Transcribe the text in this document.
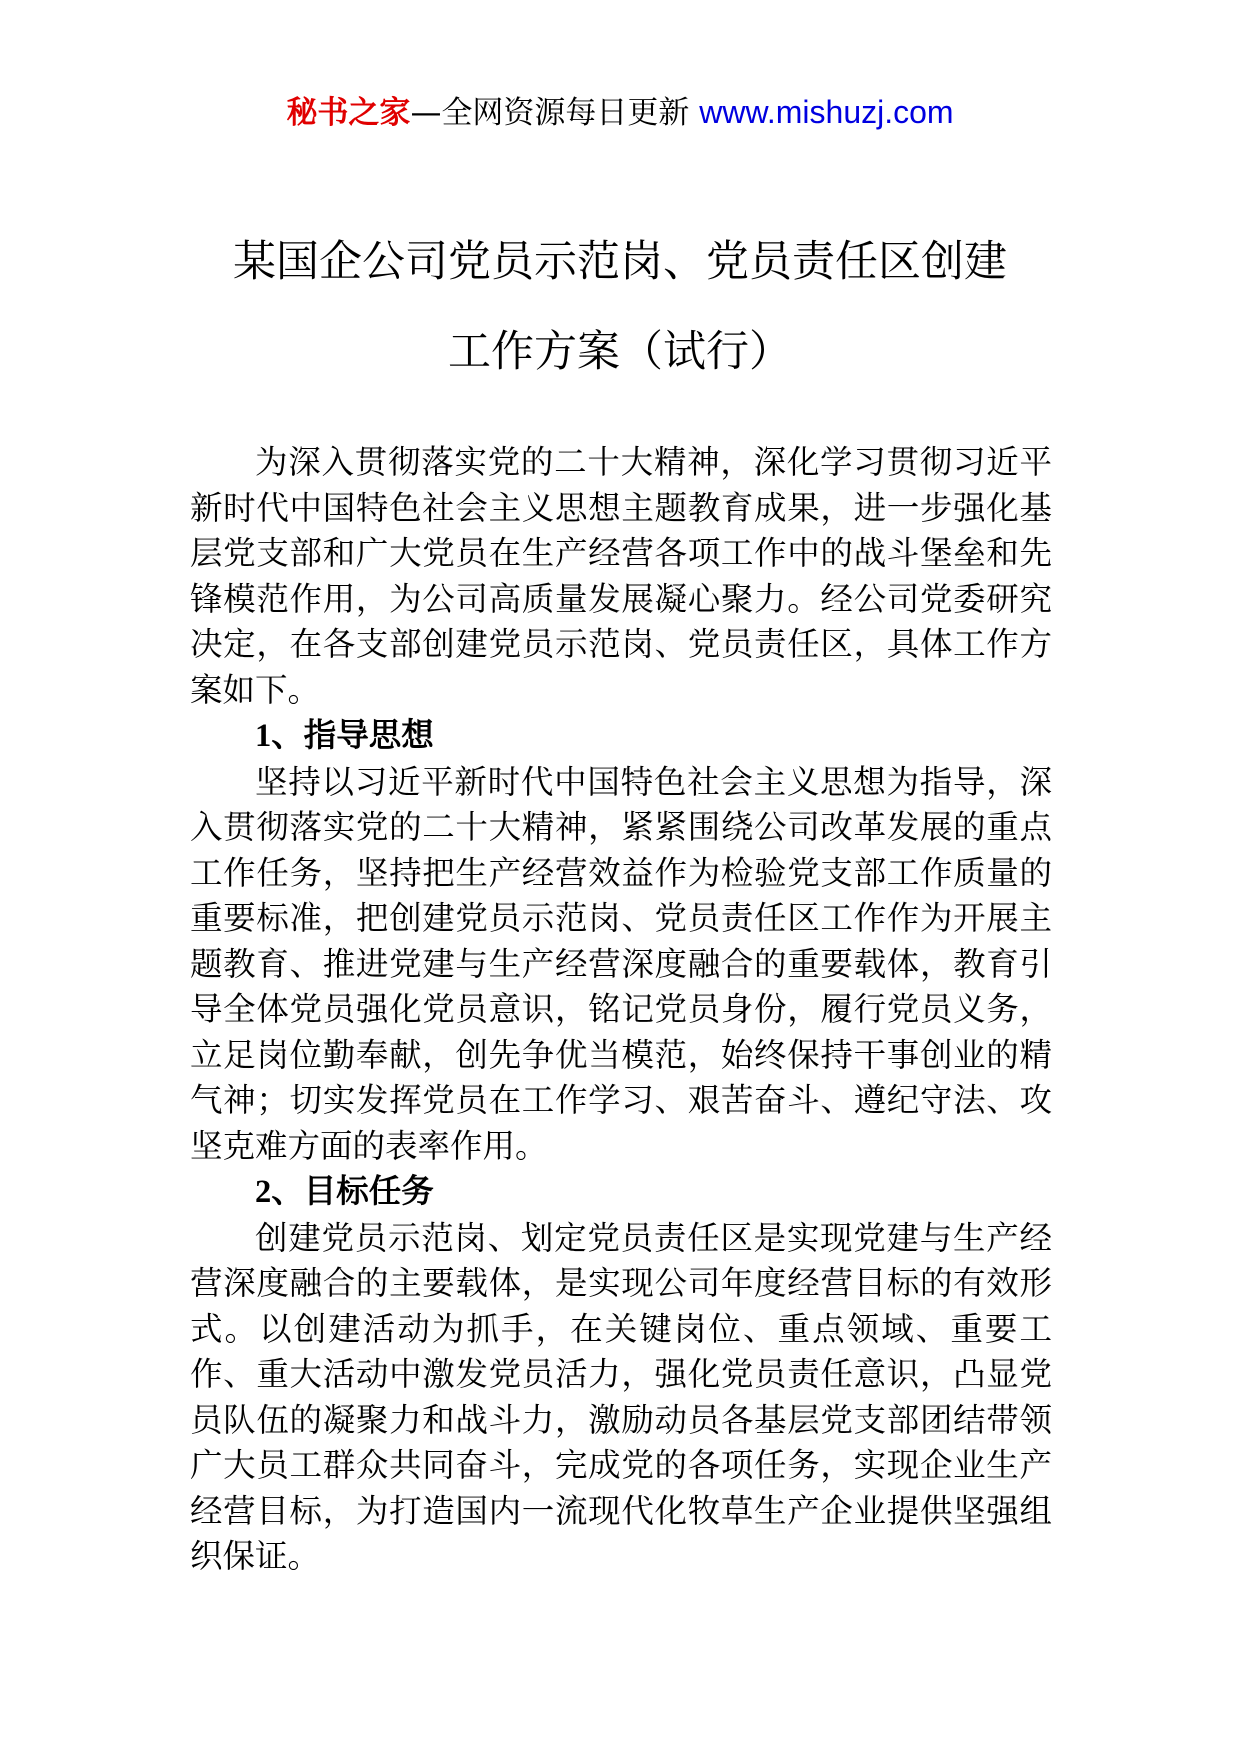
秘书之家—全网资源每日更新 www.mishuzj.com
某国企公司党员示范岗、党员责任区创建
工作方案（试行）

为深入贯彻落实党的二十大精神，深化学习贯彻习近平新时代中国特色社会主义思想主题教育成果，进一步强化基层党支部和广大党员在生产经营各项工作中的战斗堡垒和先锋模范作用，为公司高质量发展凝心聚力。经公司党委研究决定，在各支部创建党员示范岗、党员责任区，具体工作方案如下。

1、指导思想

坚持以习近平新时代中国特色社会主义思想为指导，深入贯彻落实党的二十大精神，紧紧围绕公司改革发展的重点工作任务，坚持把生产经营效益作为检验党支部工作质量的重要标准，把创建党员示范岗、党员责任区工作作为开展主题教育、推进党建与生产经营深度融合的重要载体，教育引导全体党员强化党员意识，铭记党员身份，履行党员义务，立足岗位勤奉献，创先争优当模范，始终保持干事创业的精气神；切实发挥党员在工作学习、艰苦奋斗、遵纪守法、攻坚克难方面的表率作用。

2、目标任务

创建党员示范岗、划定党员责任区是实现党建与生产经营深度融合的主要载体，是实现公司年度经营目标的有效形式。以创建活动为抓手，在关键岗位、重点领域、重要工作、重大活动中激发党员活力，强化党员责任意识，凸显党员队伍的凝聚力和战斗力，激励动员各基层党支部团结带领广大员工群众共同奋斗，完成党的各项任务，实现企业生产经营目标，为打造国内一流现代化牧草生产企业提供坚强组织保证。
